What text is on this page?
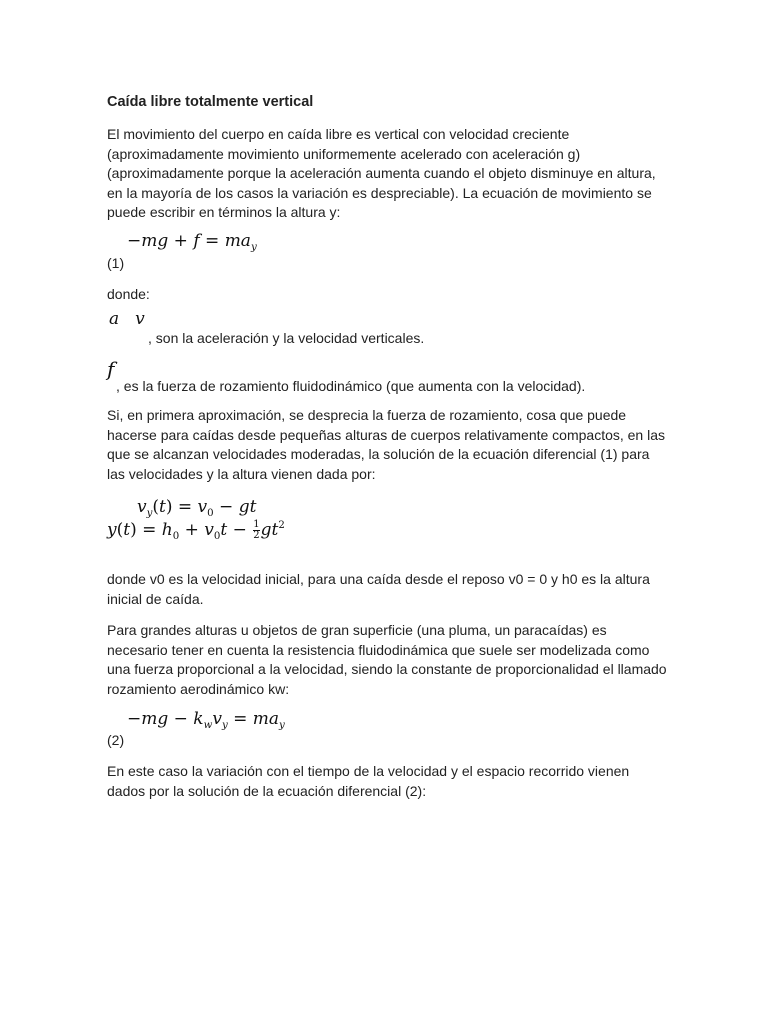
Caída libre totalmente vertical

El movimiento del cuerpo en caída libre es vertical con velocidad creciente (aproximadamente movimiento uniformemente acelerado con aceleración g) (aproximadamente porque la aceleración aumenta cuando el objeto disminuye en altura, en la mayoría de los casos la variación es despreciable). La ecuación de movimiento se puede escribir en términos la altura y:

$-mg + f = ma_y$
(1)
donde:
a v
, son la aceleración y la velocidad verticales.
f
, es la fuerza de rozamiento fluidodinámico (que aumenta con la velocidad).

Si, en primera aproximación, se desprecia la fuerza de rozamiento, cosa que puede hacerse para caídas desde pequeñas alturas de cuerpos relativamente compactos, en las que se alcanzan velocidades moderadas, la solución de la ecuación diferencial (1) para las velocidades y la altura vienen dada por:

$v_y(t) = v_0$ − gt
$y(t) = h_0 + v_0t - \frac{1}{2} gt^2$

donde v0 es la velocidad inicial, para una caída desde el reposo v0 = 0 y h0 es la altura inicial de caída.

Para grandes alturas u objetos de gran superficie (una pluma, un paracaídas) es necesario tener en cuenta la resistencia fluidodinámica que suele ser modelizada como una fuerza proporcional a la velocidad, siendo la constante de proporcionalidad el llamado rozamiento aerodinámico kw:

$-mg - k_wv_y = ma_y$
(2)

En este caso la variación con el tiempo de la velocidad y el espacio recorrido vienen dados por la solución de la ecuación diferencial (2):
